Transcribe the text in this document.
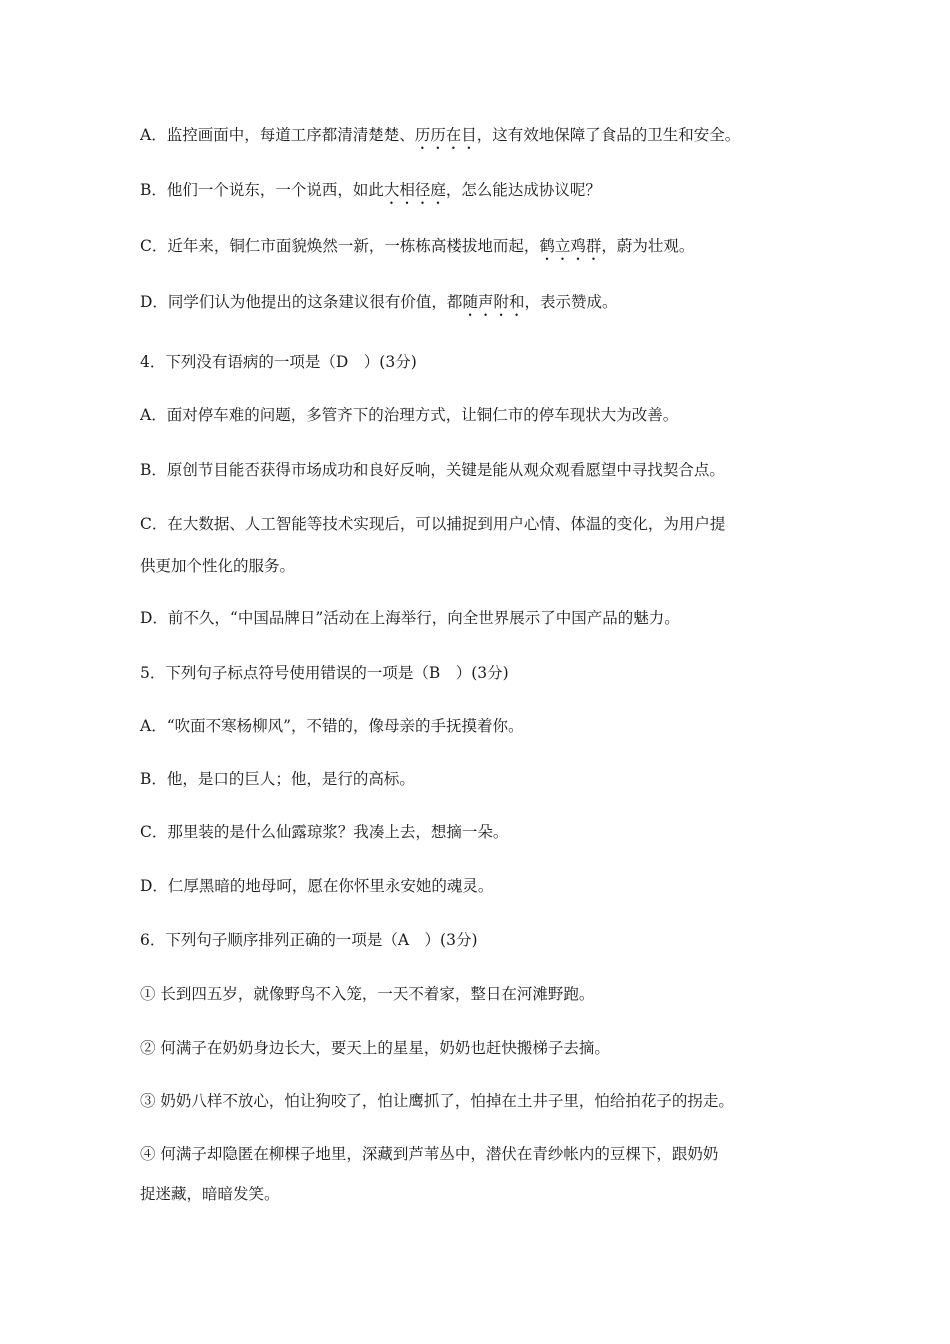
A．监控画面中，每道工序都清清楚楚、历历在目，这有效地保障了食品的卫生和安全。
B．他们一个说东，一个说西，如此大相径庭，怎么能达成协议呢？
C．近年来，铜仁市面貌焕然一新，一栋栋高楼拔地而起，鹤立鸡群，蔚为壮观。
D．同学们认为他提出的这条建议很有价值，都随声附和，表示赞成。
4．下列没有语病的一项是（D　）(3分)
A．面对停车难的问题，多管齐下的治理方式，让铜仁市的停车现状大为改善。
B．原创节目能否获得市场成功和良好反响，关键是能从观众观看愿望中寻找契合点。
C．在大数据、人工智能等技术实现后，可以捕捉到用户心情、体温的变化，为用户提
供更加个性化的服务。
D．前不久，“中国品牌日”活动在上海举行，向全世界展示了中国产品的魅力。
5．下列句子标点符号使用错误的一项是（B　）(3分)
A．“吹面不寒杨柳风”，不错的，像母亲的手抚摸着你。
B．他，是口的巨人；他，是行的高标。
C．那里装的是什么仙露琼浆？我凑上去，想摘一朵。
D．仁厚黑暗的地母呵，愿在你怀里永安她的魂灵。
6．下列句子顺序排列正确的一项是（A　）(3分)
① 长到四五岁，就像野鸟不入笼，一天不着家，整日在河滩野跑。
② 何满子在奶奶身边长大，要天上的星星，奶奶也赶快搬梯子去摘。
③ 奶奶八样不放心，怕让狗咬了，怕让鹰抓了，怕掉在土井子里，怕给拍花子的拐走。
④ 何满子却隐匿在柳棵子地里，深藏到芦苇丛中，潜伏在青纱帐内的豆棵下，跟奶奶
捉迷藏，暗暗发笑。
